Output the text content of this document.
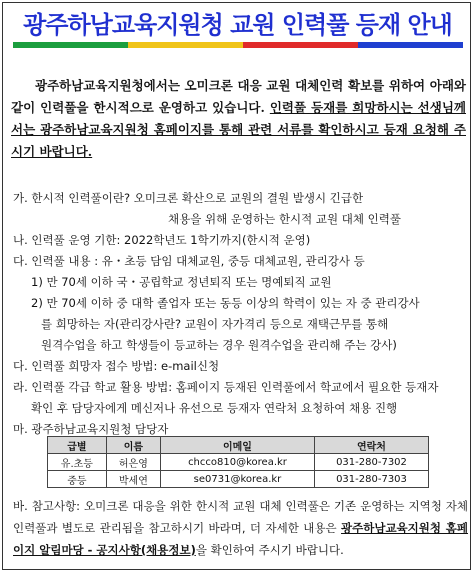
광주하남교육지원청 교원 인력풀 등재 안내

광주하남교육지원청에서는 오미크론 대응 교원 대체인력 확보를 위하여 아래와 같이 인력풀을 한시적으로 운영하고 있습니다. 인력풀 등재를 희망하시는 선생님께서는 광주하남교육지원청 홈페이지를 통해 관련 서류를 확인하시고 등재 요청해 주시기 바랍니다.

가. 한시적 인력풀이란? 오미크론 확산으로 교원의 결원 발생시 긴급한
채용을 위해 운영하는 한시적 교원 대체 인력풀
나. 인력풀 운영 기한: 2022학년도 1학기까지(한시적 운영)
다. 인력풀 내용 : 유・초등 담임 대체교원, 중등 대체교원, 관리강사 등
1) 만 70세 이하 국・공립학교 정년퇴직 또는 명예퇴직 교원
2) 만 70세 이하 중 대학 졸업자 또는 동등 이상의 학력이 있는 자 중 관리강사
를 희망하는 자(관리강사란? 교원이 자가격리 등으로 재택근무를 통해
원격수업을 하고 학생들이 등교하는 경우 원격수업을 관리해 주는 강사)
다. 인력풀 희망자 접수 방법: e-mail신청
라. 인력풀 각급 학교 활용 방법: 홈페이지 등재된 인력풀에서 학교에서 필요한 등재자
확인 후 담당자에게 메신저나 유선으로 등재자 연락처 요청하여 채용 진행
마. 광주하남교육지원청 담당자
급별	이름	이메일	연락처
유.초등	허은영	chcco810@korea.kr	031-280-7302
중등	박세연	se0731@korea.kr	031-280-7303

바. 참고사항: 오미크론 대응을 위한 한시적 교원 대체 인력풀은 기존 운영하는 지역청 자체 인력풀과 별도로 관리됨을 참고하시기 바라며, 더 자세한 내용은 광주하남교육지원청 홈페이지 알림마당 - 공지사항(채용정보)을 확인하여 주시기 바랍니다.
